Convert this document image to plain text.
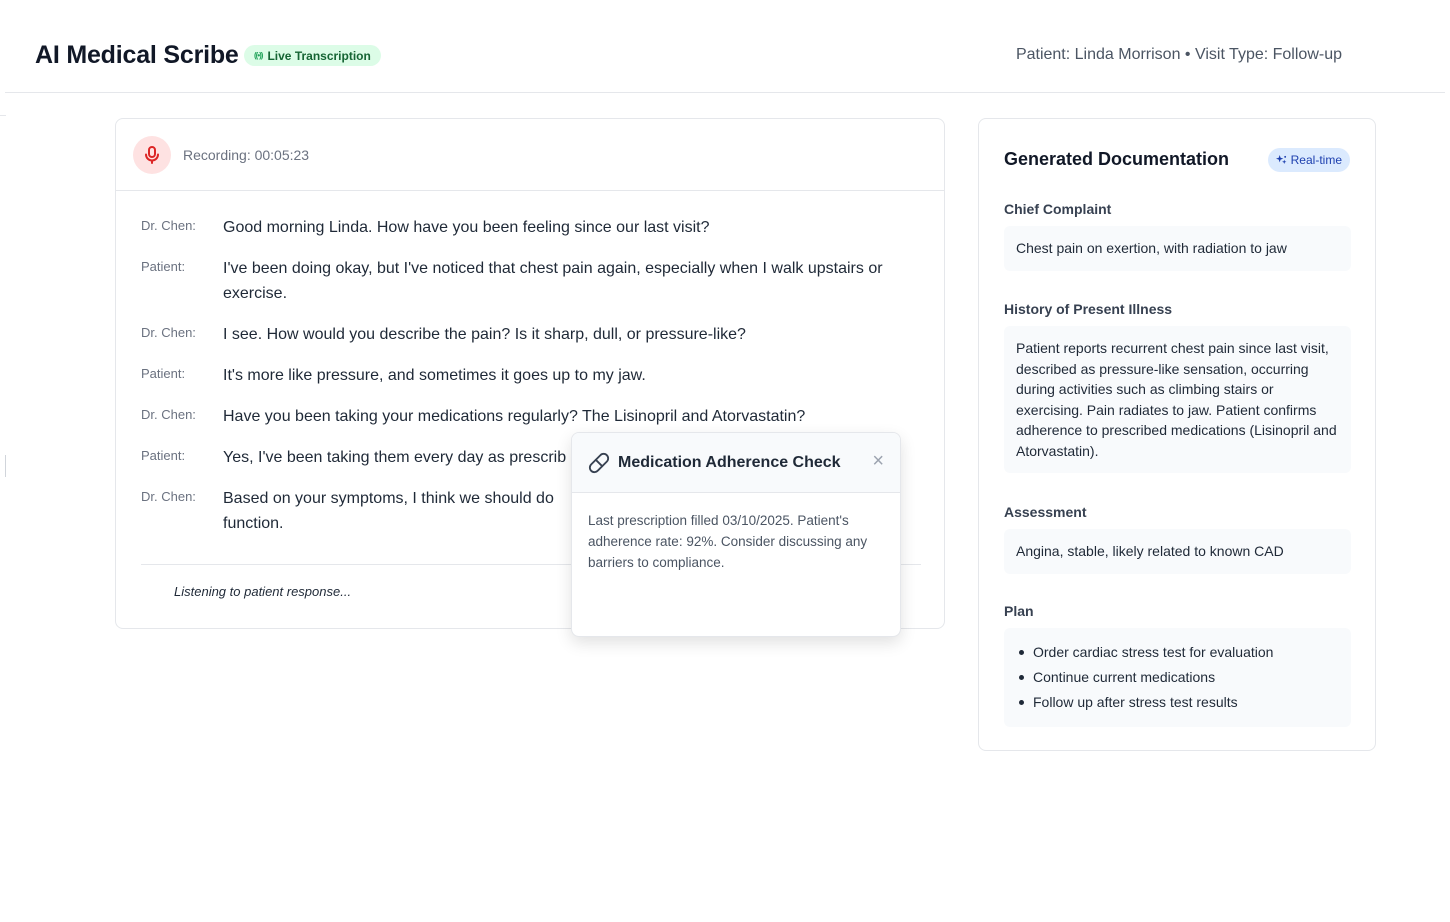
AI Medical Scribe ((•)) Live Transcription	Patient: Linda Morrison • Visit Type: Follow-up
Recording: 00:05:23
Dr. Chen:	Good morning Linda. How have you been feeling since our last visit?
Patient:	I've been doing okay, but I've noticed that chest pain again, especially when I walk upstairs or exercise.
Dr. Chen:	I see. How would you describe the pain? Is it sharp, dull, or pressure-like?
Patient:	It's more like pressure, and sometimes it goes up to my jaw.
Dr. Chen:	Have you been taking your medications regularly? The Lisinopril and Atorvastatin?
Patient:	Yes, I've been taking them every day as prescrib
Dr. Chen:	Based on your symptoms, I think we should do
function.
Listening to patient response...
Medication Adherence Check ×
Last prescription filled 03/10/2025. Patient's adherence rate: 92%. Consider discussing any barriers to compliance.
Generated Documentation	Real-time
Chief Complaint
Chest pain on exertion, with radiation to jaw
History of Present Illness
Patient reports recurrent chest pain since last visit, described as pressure-like sensation, occurring during activities such as climbing stairs or exercising. Pain radiates to jaw. Patient confirms adherence to prescribed medications (Lisinopril and Atorvastatin).
Assessment
Angina, stable, likely related to known CAD
Plan
Order cardiac stress test for evaluation
Continue current medications
Follow up after stress test results
